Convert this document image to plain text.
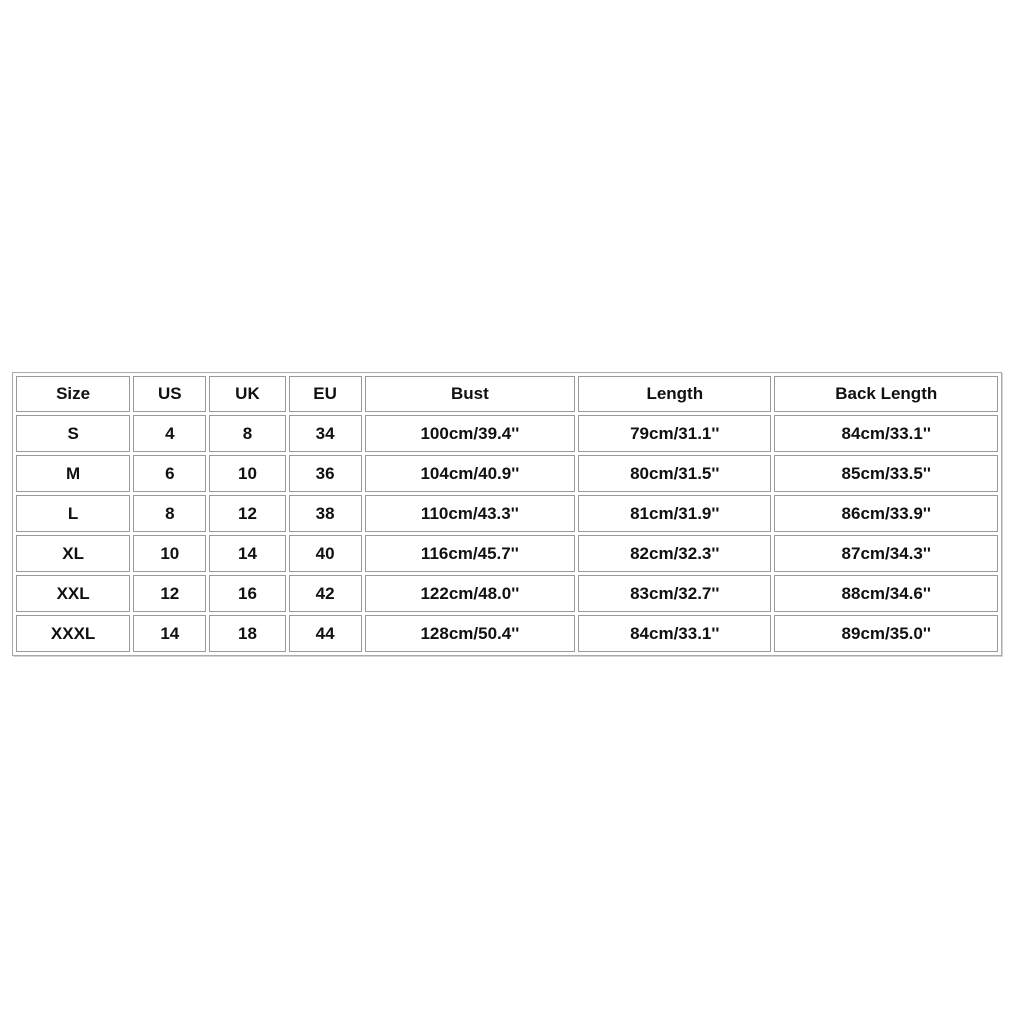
Size	US	UK	EU	Bust	Length	Back Length
S	4	8	34	100cm/39.4''	79cm/31.1''	84cm/33.1''
M	6	10	36	104cm/40.9''	80cm/31.5''	85cm/33.5''
L	8	12	38	110cm/43.3''	81cm/31.9''	86cm/33.9''
XL	10	14	40	116cm/45.7''	82cm/32.3''	87cm/34.3''
XXL	12	16	42	122cm/48.0''	83cm/32.7''	88cm/34.6''
XXXL	14	18	44	128cm/50.4''	84cm/33.1''	89cm/35.0''
